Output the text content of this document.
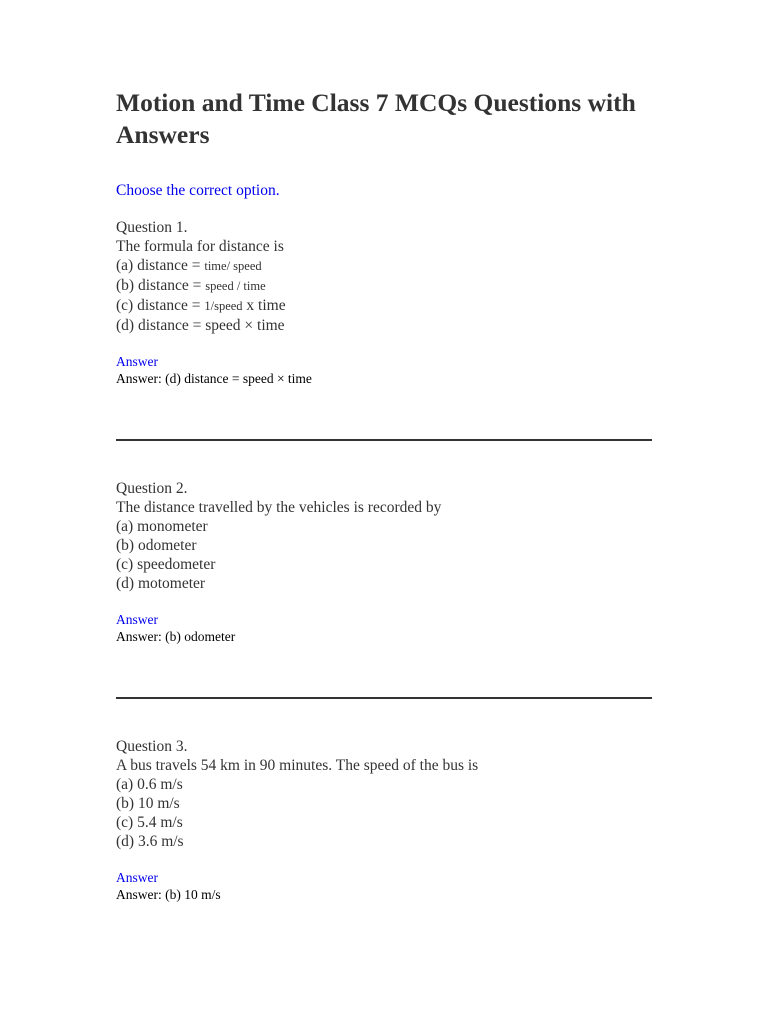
Motion and Time Class 7 MCQs Questions with Answers
Choose the correct option.
Question 1.
The formula for distance is
(a) distance = time/ speed
(b) distance = speed / time
(c) distance = 1/speed x time
(d) distance = speed × time
Answer
Answer: (d) distance = speed × time
Question 2.
The distance travelled by the vehicles is recorded by
(a) monometer
(b) odometer
(c) speedometer
(d) motometer
Answer
Answer: (b) odometer
Question 3.
A bus travels 54 km in 90 minutes. The speed of the bus is
(a) 0.6 m/s
(b) 10 m/s
(c) 5.4 m/s
(d) 3.6 m/s
Answer
Answer: (b) 10 m/s
